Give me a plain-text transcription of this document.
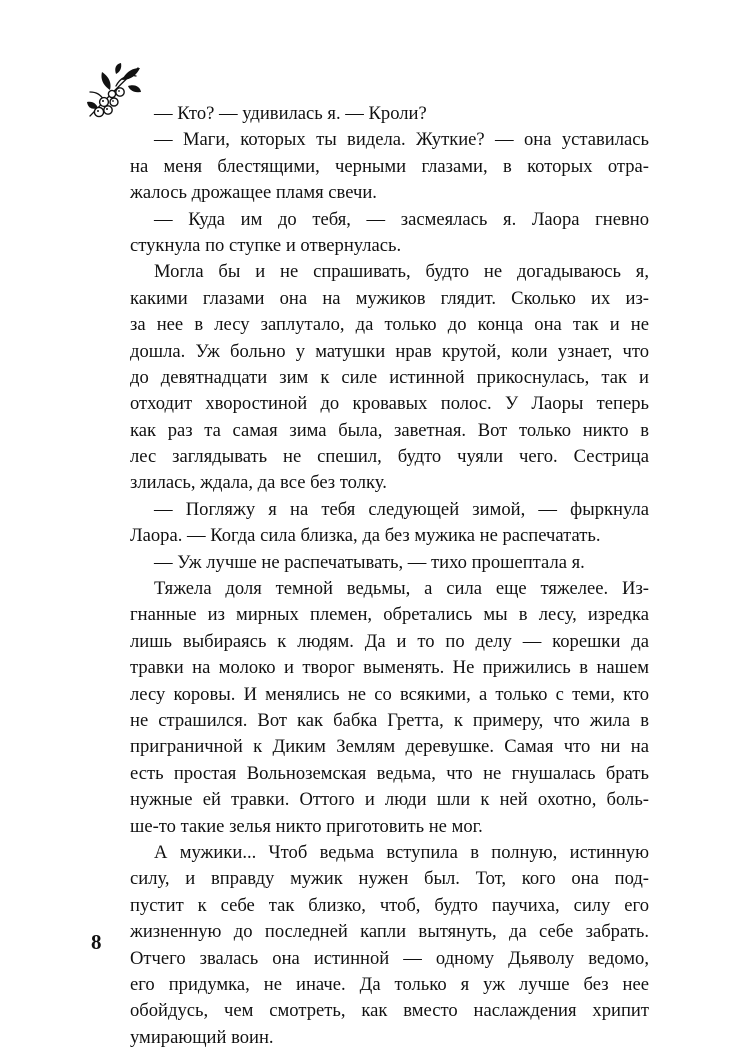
— Кто? — удивилась я. — Кроли?

— Маги, которых ты видела. Жуткие? — она уставилась
на меня блестящими, черными глазами, в которых отра-
жалось дрожащее пламя свечи.

— Куда им до тебя, — засмеялась я. Лаора гневно
стукнула по ступке и отвернулась.

Могла бы и не спрашивать, будто не догадываюсь я,
какими глазами она на мужиков глядит. Сколько их из-
за нее в лесу заплутало, да только до конца она так и не
дошла. Уж больно у матушки нрав крутой, коли узнает, что
до девятнадцати зим к силе истинной прикоснулась, так и
отходит хворостиной до кровавых полос. У Лаоры теперь
как раз та самая зима была, заветная. Вот только никто в
лес заглядывать не спешил, будто чуяли чего. Сестрица
злилась, ждала, да все без толку.

— Погляжу я на тебя следующей зимой, — фыркнула
Лаора. — Когда сила близка, да без мужика не распечатать.

— Уж лучше не распечатывать, — тихо прошептала я.

Тяжела доля темной ведьмы, а сила еще тяжелее. Из-
гнанные из мирных племен, обретались мы в лесу, изредка
лишь выбираясь к людям. Да и то по делу — корешки да
травки на молоко и творог выменять. Не прижились в нашем
лесу коровы. И менялись не со всякими, а только с теми, кто
не страшился. Вот как бабка Гретта, к примеру, что жила в
приграничной к Диким Землям деревушке. Самая что ни на
есть простая Вольноземская ведьма, что не гнушалась брать
нужные ей травки. Оттого и люди шли к ней охотно, боль-
ше-то такие зелья никто приготовить не мог.

А мужики... Чтоб ведьма вступила в полную, истинную
силу, и вправду мужик нужен был. Тот, кого она под-
пустит к себе так близко, чтоб, будто паучиха, силу его
жизненную до последней капли вытянуть, да себе забрать.
Отчего звалась она истинной — одному Дьяволу ведомо,
его придумка, не иначе. Да только я уж лучше без нее
обойдусь, чем смотреть, как вместо наслаждения хрипит
умирающий воин.

8
